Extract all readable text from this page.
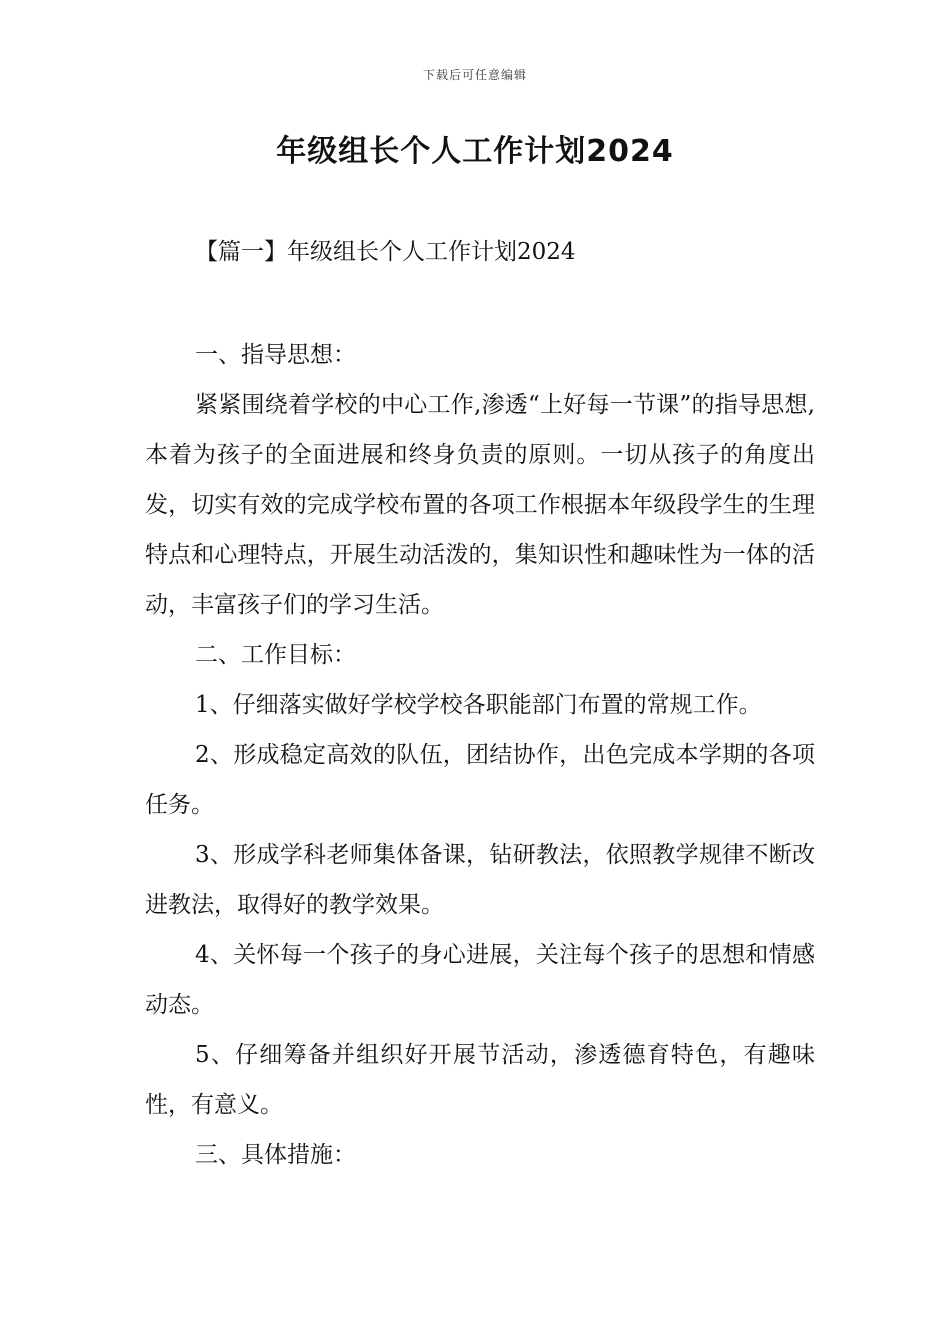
下载后可任意编辑
年级组长个人工作计划2024
【篇一】年级组长个人工作计划2024

一、指导思想：

紧紧围绕着学校的中心工作,渗透“上好每一节课”的指导思想,本着为孩子的全面进展和终身负责的原则。一切从孩子的角度出发，切实有效的完成学校布置的各项工作根据本年级段学生的生理特点和心理特点，开展生动活泼的，集知识性和趣味性为一体的活动，丰富孩子们的学习生活。

二、工作目标：

1、仔细落实做好学校学校各职能部门布置的常规工作。

2、形成稳定高效的队伍，团结协作，出色完成本学期的各项任务。

3、形成学科老师集体备课，钻研教法，依照教学规律不断改进教法，取得好的教学效果。

4、关怀每一个孩子的身心进展，关注每个孩子的思想和情感动态。

5、仔细筹备并组织好开展节活动，渗透德育特色，有趣味性，有意义。

三、具体措施：
